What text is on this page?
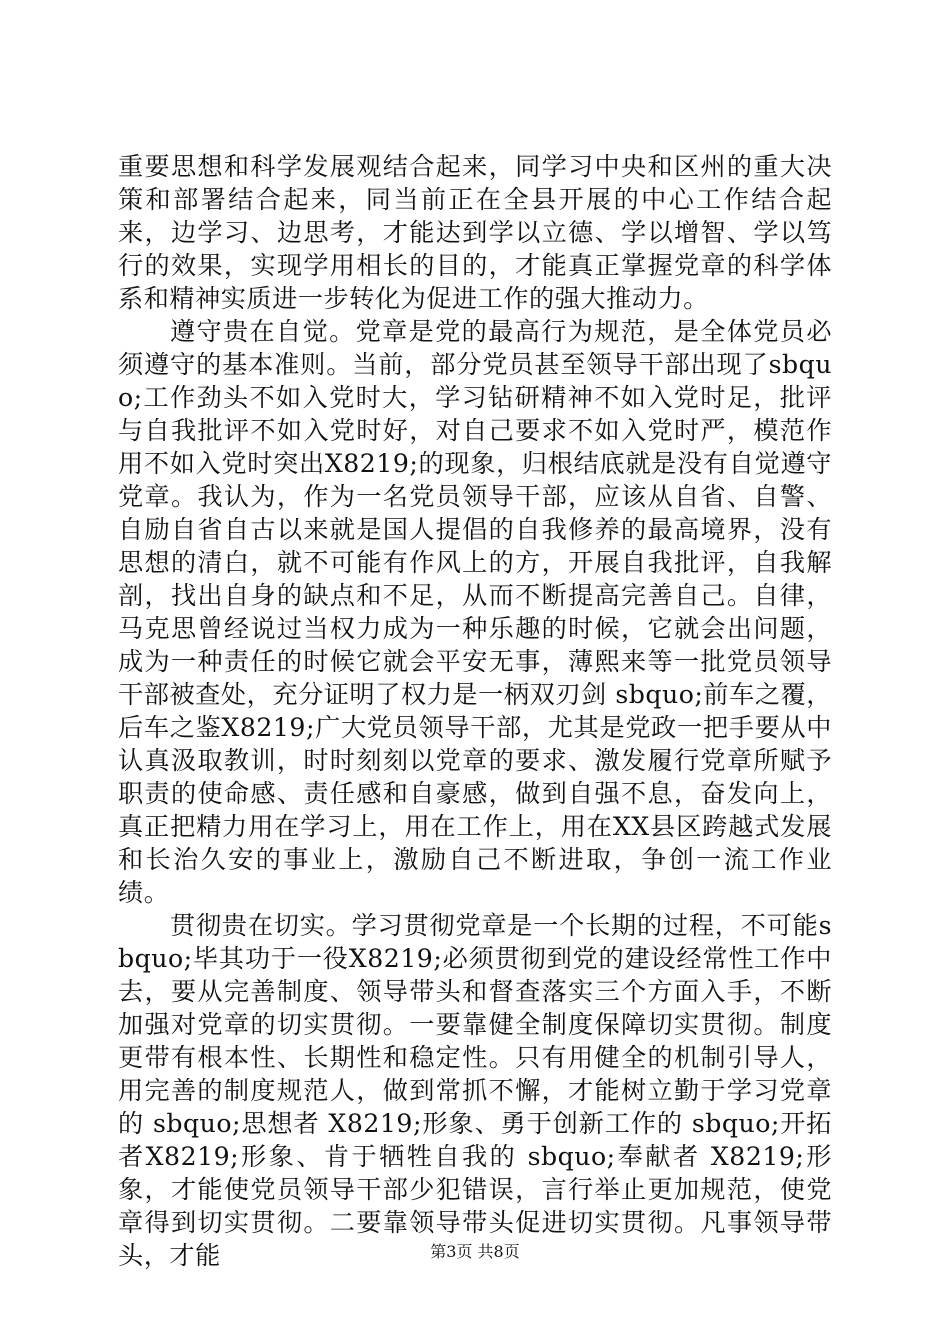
重要思想和科学发展观结合起来，同学习中央和区州的重大决策和部署结合起来，同当前正在全县开展的中心工作结合起来，边学习、边思考，才能达到学以立德、学以增智、学以笃行的效果，实现学用相长的目的，才能真正掌握党章的科学体系和精神实质进一步转化为促进工作的强大推动力。

遵守贵在自觉。党章是党的最高行为规范，是全体党员必须遵守的基本准则。当前，部分党员甚至领导干部出现了sbquo;工作劲头不如入党时大，学习钻研精神不如入党时足，批评与自我批评不如入党时好，对自己要求不如入党时严，模范作用不如入党时突出X8219;的现象，归根结底就是没有自觉遵守党章。我认为，作为一名党员领导干部，应该从自省、自警、自励自省自古以来就是国人提倡的自我修养的最高境界，没有思想的清白，就不可能有作风上的方，开展自我批评，自我解剖，找出自身的缺点和不足，从而不断提高完善自己。自律，马克思曾经说过当权力成为一种乐趣的时候，它就会出问题，成为一种责任的时候它就会平安无事，薄熙来等一批党员领导干部被查处，充分证明了权力是一柄双刃剑 sbquo;前车之覆，后车之鉴X8219;广大党员领导干部，尤其是党政一把手要从中认真汲取教训，时时刻刻以党章的要求、激发履行党章所赋予职责的使命感、责任感和自豪感，做到自强不息，奋发向上，真正把精力用在学习上，用在工作上，用在XX县区跨越式发展和长治久安的事业上，激励自己不断进取，争创一流工作业绩。

贯彻贵在切实。学习贯彻党章是一个长期的过程，不可能sbquo;毕其功于一役X8219;必须贯彻到党的建设经常性工作中去，要从完善制度、领导带头和督查落实三个方面入手，不断加强对党章的切实贯彻。一要靠健全制度保障切实贯彻。制度更带有根本性、长期性和稳定性。只有用健全的机制引导人，用完善的制度规范人，做到常抓不懈，才能树立勤于学习党章的 sbquo;思想者 X8219;形象、勇于创新工作的 sbquo;开拓者X8219;形象、肯于牺牲自我的 sbquo;奉献者 X8219;形象，才能使党员领导干部少犯错误，言行举止更加规范，使党章得到切实贯彻。二要靠领导带头促进切实贯彻。凡事领导带头，才能	第3页 共8页
